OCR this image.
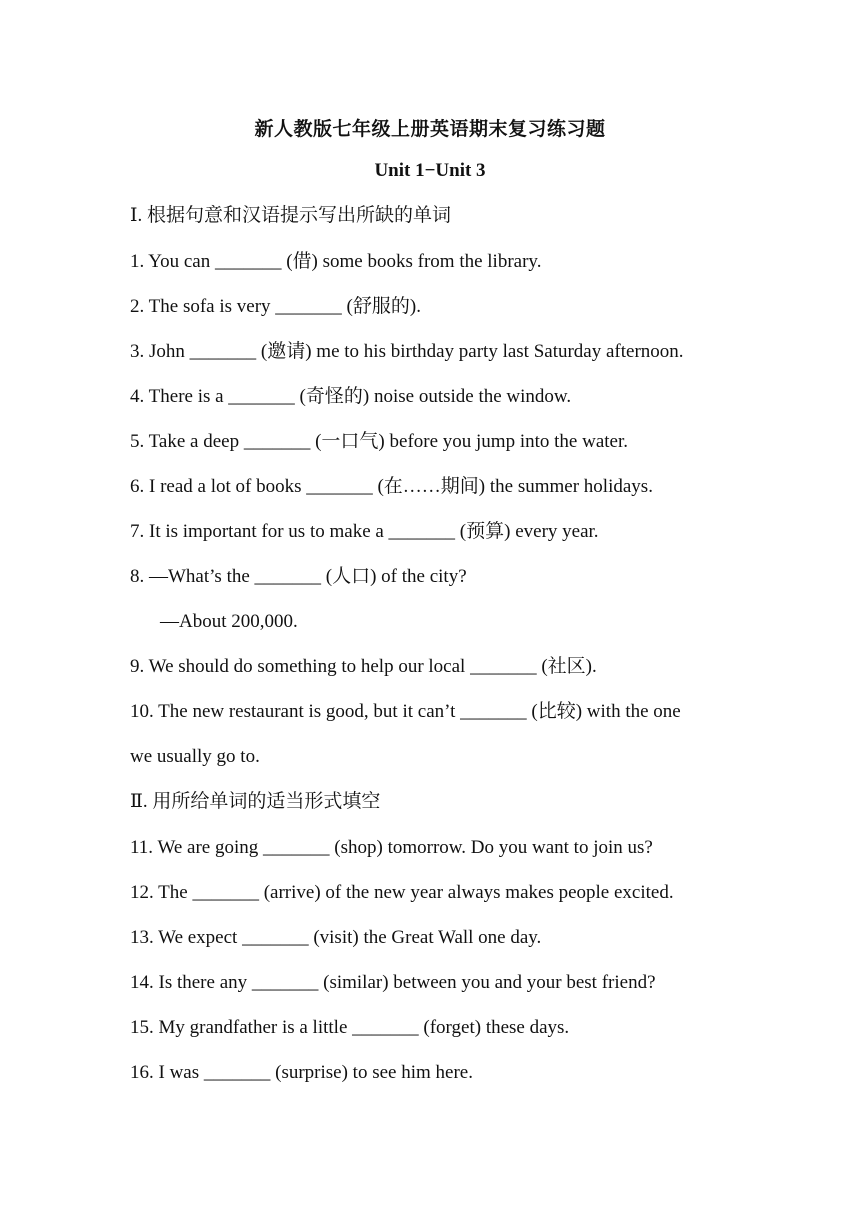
新人教版七年级上册英语期末复习练习题
Unit 1−Unit 3
Ⅰ. 根据句意和汉语提示写出所缺的单词
1. You can _______ (借) some books from the library.
2. The sofa is very _______ (舒服的).
3. John _______ (邀请) me to his birthday party last Saturday afternoon.
4. There is a _______ (奇怪的) noise outside the window.
5. Take a deep _______ (一口气) before you jump into the water.
6. I read a lot of books _______ (在……期间) the summer holidays.
7. It is important for us to make a _______ (预算) every year.
8. —What’s the _______ (人口) of the city?
—About 200,000.
9. We should do something to help our local _______ (社区).
10. The new restaurant is good, but it can’t _______ (比较) with the one
we usually go to.
Ⅱ. 用所给单词的适当形式填空
11. We are going _______ (shop) tomorrow. Do you want to join us?
12. The _______ (arrive) of the new year always makes people excited.
13. We expect _______ (visit) the Great Wall one day.
14. Is there any _______ (similar) between you and your best friend?
15. My grandfather is a little _______ (forget) these days.
16. I was _______ (surprise) to see him here.
